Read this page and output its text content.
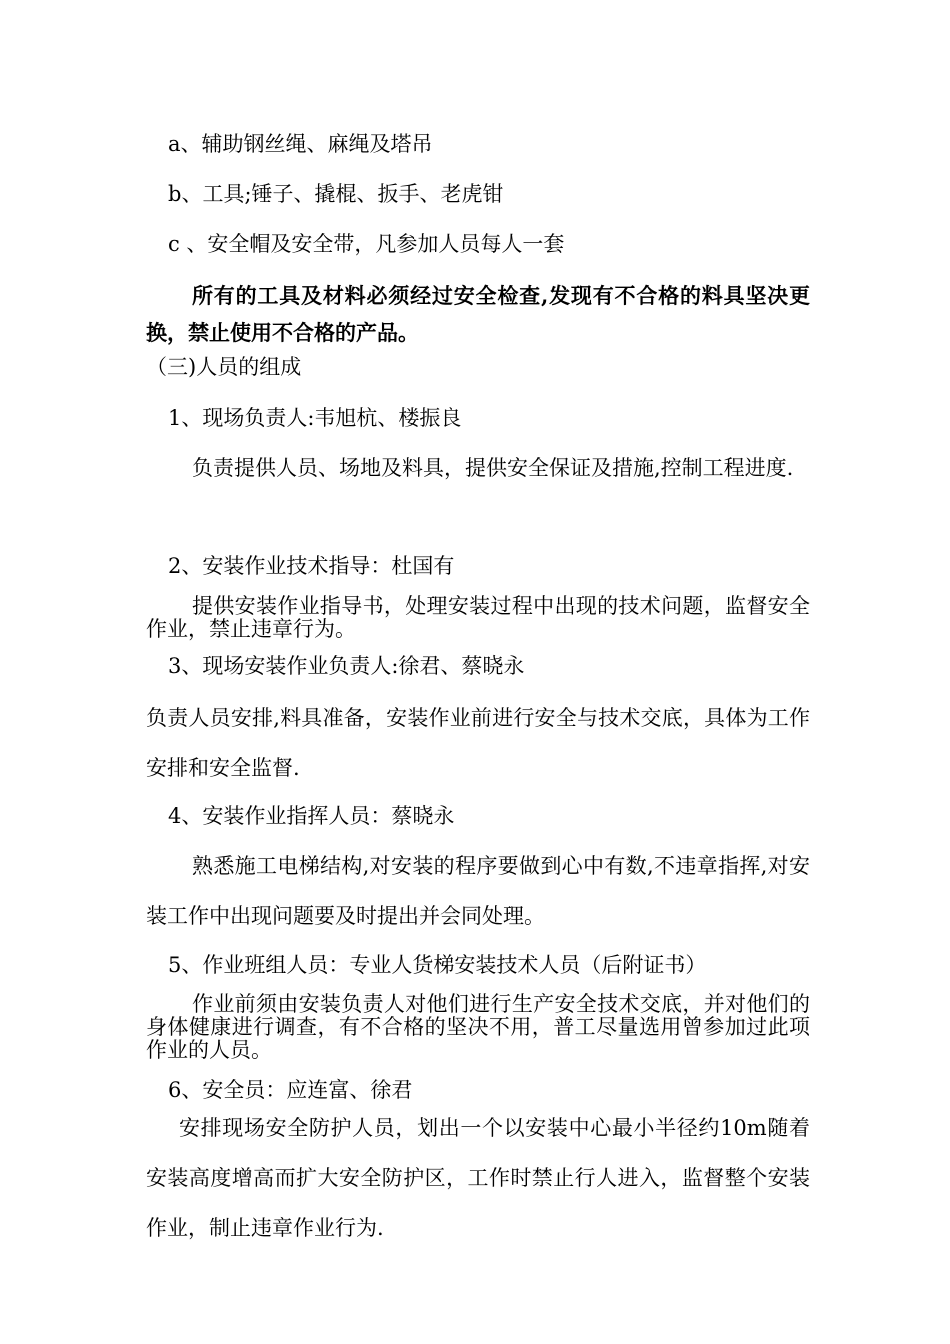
a、辅助钢丝绳、麻绳及塔吊

b、工具;锤子、撬棍、扳手、老虎钳

c 、安全帽及安全带，凡参加人员每人一套

所有的工具及材料必须经过安全检查,发现有不合格的料具坚决更换，禁止使用不合格的产品。

（三)人员的组成

1、现场负责人:韦旭杭、楼振良

负责提供人员、场地及料具，提供安全保证及措施,控制工程进度.

2、安装作业技术指导：杜国有

提供安装作业指导书，处理安装过程中出现的技术问题，监督安全作业，禁止违章行为。

3、现场安装作业负责人:徐君、蔡晓永

负责人员安排,料具准备，安装作业前进行安全与技术交底，具体为工作安排和安全监督.

4、安装作业指挥人员：蔡晓永

熟悉施工电梯结构,对安装的程序要做到心中有数,不违章指挥,对安装工作中出现问题要及时提出并会同处理。

5、作业班组人员：专业人货梯安装技术人员（后附证书）

作业前须由安装负责人对他们进行生产安全技术交底，并对他们的身体健康进行调查，有不合格的坚决不用，普工尽量选用曾参加过此项作业的人员。

6、安全员：应连富、徐君

安排现场安全防护人员，划出一个以安装中心最小半径约10m随着安装高度增高而扩大安全防护区，工作时禁止行人进入，监督整个安装作业，制止违章作业行为.
